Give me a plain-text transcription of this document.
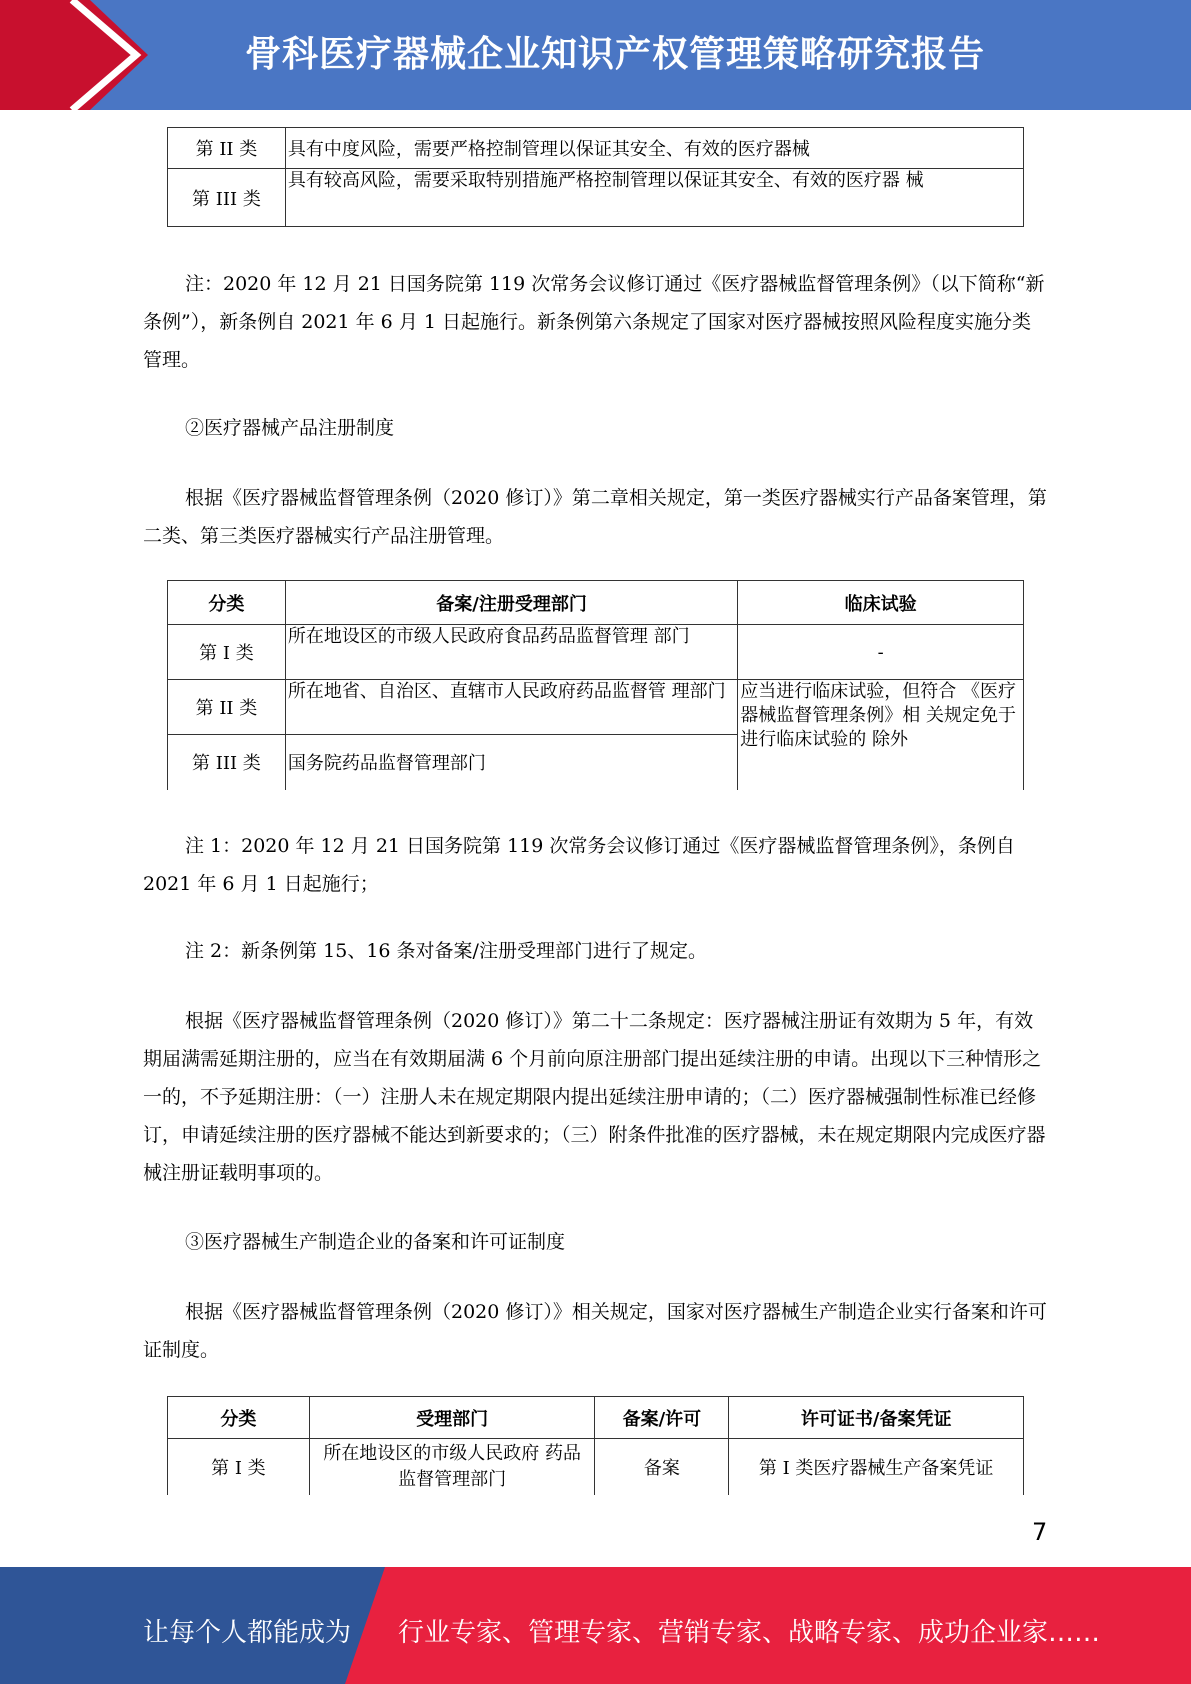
骨科医疗器械企业知识产权管理策略研究报告
第 II 类	具有中度风险，需要严格控制管理以保证其安全、有效的医疗器械
第 III 类	具有较高风险，需要采取特别措施严格控制管理以保证其安全、有效的医疗器 械

注：2020 年 12 月 21 日国务院第 119 次常务会议修订通过《医疗器械监督管理条例》（以下简称“新条例”），新条例自 2021 年 6 月 1 日起施行。新条例第六条规定了国家对医疗器械按照风险程度实施分类管理。

②医疗器械产品注册制度

根据《医疗器械监督管理条例（2020 修订）》第二章相关规定，第一类医疗器械实行产品备案管理，第二类、第三类医疗器械实行产品注册管理。

分类	备案/注册受理部门	临床试验
第 I 类	所在地设区的市级人民政府食品药品监督管理 部门	-
第 II 类	所在地省、自治区、直辖市人民政府药品监督管 理部门	应当进行临床试验，但符合 《医疗器械监督管理条例》相 关规定免于进行临床试验的 除外
第 III 类	国务院药品监督管理部门	

注 1：2020 年 12 月 21 日国务院第 119 次常务会议修订通过《医疗器械监督管理条例》，条例自 2021 年 6 月 1 日起施行；

注 2：新条例第 15、16 条对备案/注册受理部门进行了规定。

根据《医疗器械监督管理条例（2020 修订）》第二十二条规定：医疗器械注册证有效期为 5 年，有效期届满需延期注册的，应当在有效期届满 6 个月前向原注册部门提出延续注册的申请。出现以下三种情形之一的，不予延期注册：（一）注册人未在规定期限内提出延续注册申请的；（二）医疗器械强制性标准已经修订，申请延续注册的医疗器械不能达到新要求的；（三）附条件批准的医疗器械，未在规定期限内完成医疗器械注册证载明事项的。

③医疗器械生产制造企业的备案和许可证制度

根据《医疗器械监督管理条例（2020 修订）》相关规定，国家对医疗器械生产制造企业实行备案和许可证制度。

分类	受理部门	备案/许可	许可证书/备案凭证
第 I 类	所在地设区的市级人民政府 药品监督管理部门	备案	第 I 类医疗器械生产备案凭证
7
让每个人都能成为 行业专家、管理专家、营销专家、战略专家、成功企业家……
